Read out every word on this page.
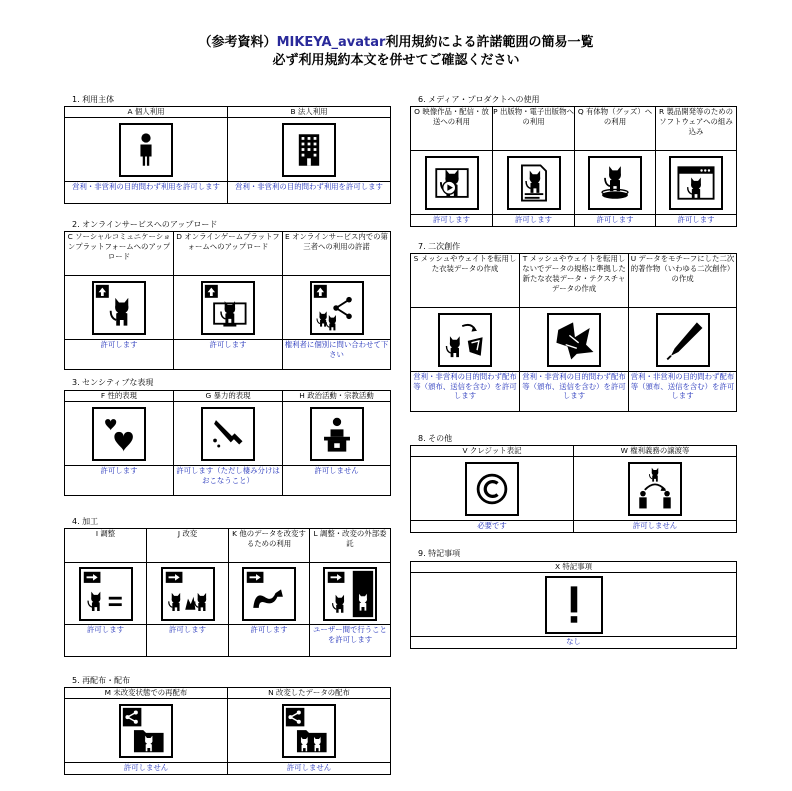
（参考資料）MIKEYA_avatar利用規約による許諾範囲の簡易一覧
必ず利用規約本文を併せてご確認ください
1. 利用主体
A 個人利用	B 法人利用

営利・非営利の目的問わず利用を許可します	営利・非営利の目的問わず利用を許可します
2. オンラインサービスへのアップロード
C ソーシャルコミュニケーションプラットフォームへのアップロード	D オンラインゲームプラットフォームへのアップロード	E オンラインサービス内での第三者への利用の許諾

許可します	許可します	権利者に個別に問い合わせて下さい
3. センシティブな表現
F 性的表現	G 暴力的表現	H 政治活動・宗教活動

許可します	許可します（ただし棲み分けはおこなうこと）	許可しません
4. 加工
I 調整	J 改変	K 他のデータを改変するための利用	L 調整・改変の外部委託

許可します	許可します	許可します	ユーザー間で行うことを許可します
5. 再配布・配布
M 未改変状態での再配布	N 改変したデータの配布

許可しません	許可しません
6. メディア・プロダクトへの使用
O 映像作品・配信・放送への利用	P 出版物・電子出版物への利用	Q 有体物（グッズ）への利用	R 製品開発等のためのソフトウェアへの組み込み

許可します	許可します	許可します	許可します
7. 二次創作
S メッシュやウェイトを転用した衣装データの作成	T メッシュやウェイトを転用しないでデータの規格に準拠した新たな衣装データ・テクスチャデータの作成	U データをモチーフにした二次的著作物（いわゆる二次創作）の作成

営利・非営利の目的問わず配布等（頒布、送信を含む）を許可します	営利・非営利の目的問わず配布等（頒布、送信を含む）を許可します	営利・非営利の目的問わず配布等（頒布、送信を含む）を許可します
8. その他
V クレジット表記	W 権利義務の譲渡等

必要です	許可しません
9. 特記事項
X 特記事項

なし
